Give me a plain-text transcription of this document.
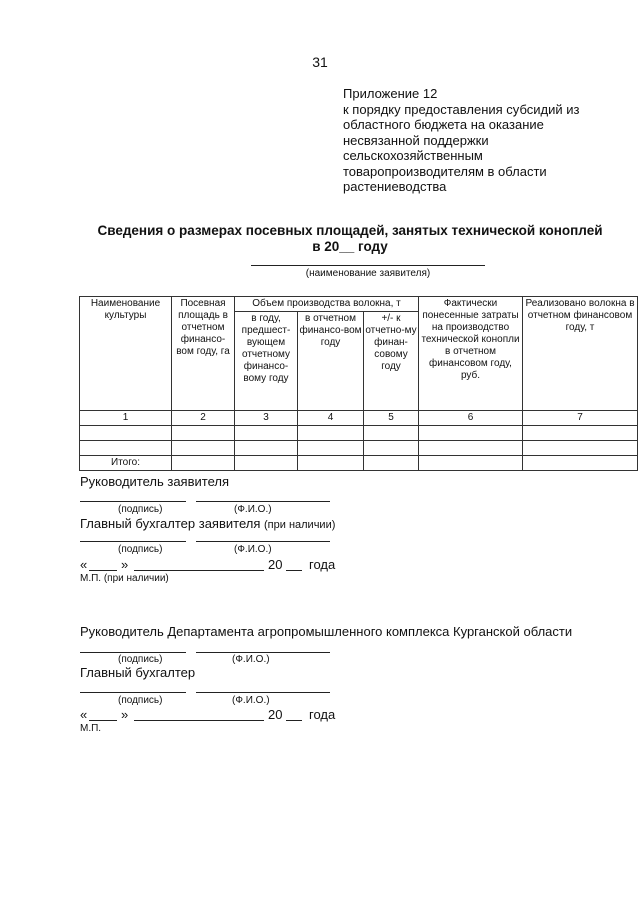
31
Приложение 12
к порядку предоставления субсидий из
областного бюджета на оказание
несвязанной поддержки
сельскохозяйственным
товаропроизводителям в области
растениеводства
Сведения о размерах посевных площадей, занятых технической коноплей
в 20__ году
(наименование заявителя)
Наименование культуры	Посевная площадь в отчетном финансо-вом году, га	Объем производства волокна, т			Фактически понесенные затраты на производство технической конопли в отчетном финансовом году, руб.	Реализовано волокна в отчетном финансовом году, т
		в году, предшест-вующем отчетному финансо-вому году	в отчетном финансо-вом году	+/- к отчетно-му финан-совому году		
1	2	3	4	5	6	7

Итого:						
Руководитель заявителя
(подпись)	(Ф.И.О.)
Главный бухгалтер заявителя (при наличии)
(подпись)	(Ф.И.О.)
«	»	20 года
М.П. (при наличии)
Руководитель Департамента агропромышленного комплекса Курганской области
(подпись)	(Ф.И.О.)
Главный бухгалтер
(подпись)	(Ф.И.О.)
«	»	20 года
М.П.
